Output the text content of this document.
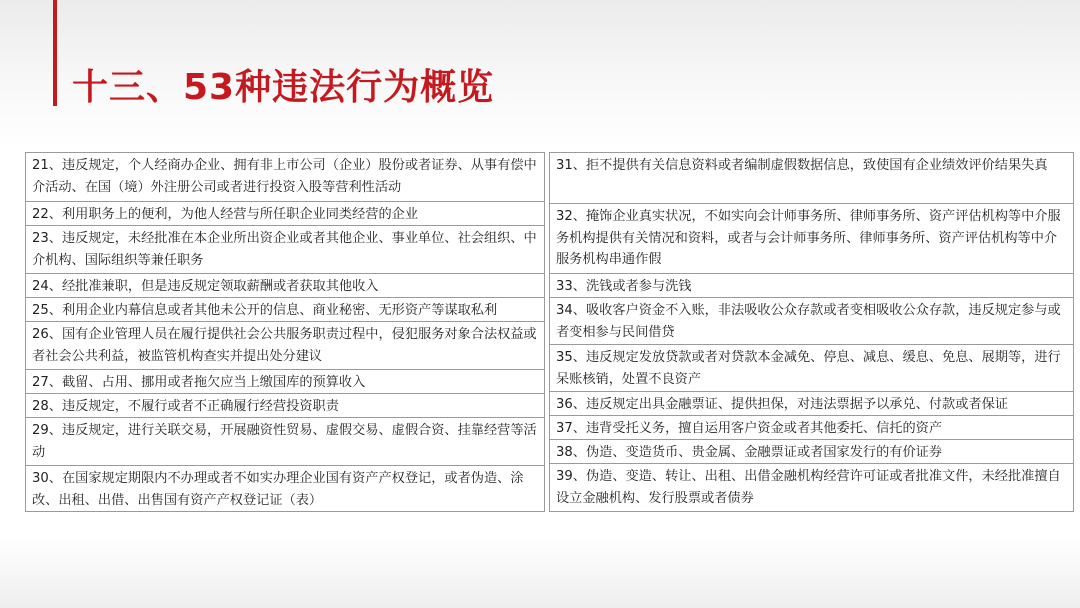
十三、53种违法行为概览
21、违反规定，个人经商办企业、拥有非上市公司（企业）股份或者证券、从事有偿中介活动、在国（境）外注册公司或者进行投资入股等营利性活动
22、利用职务上的便利，为他人经营与所任职企业同类经营的企业
23、违反规定，未经批准在本企业所出资企业或者其他企业、事业单位、社会组织、中介机构、国际组织等兼任职务
24、经批准兼职，但是违反规定领取薪酬或者获取其他收入
25、利用企业内幕信息或者其他未公开的信息、商业秘密、无形资产等谋取私利
26、国有企业管理人员在履行提供社会公共服务职责过程中，侵犯服务对象合法权益或者社会公共利益，被监管机构查实并提出处分建议
27、截留、占用、挪用或者拖欠应当上缴国库的预算收入
28、违反规定，不履行或者不正确履行经营投资职责
29、违反规定，进行关联交易，开展融资性贸易、虚假交易、虚假合资、挂靠经营等活动
30、在国家规定期限内不办理或者不如实办理企业国有资产产权登记，或者伪造、涂改、出租、出借、出售国有资产产权登记证（表）
31、拒不提供有关信息资料或者编制虚假数据信息，致使国有企业绩效评价结果失真
32、掩饰企业真实状况，不如实向会计师事务所、律师事务所、资产评估机构等中介服务机构提供有关情况和资料，或者与会计师事务所、律师事务所、资产评估机构等中介服务机构串通作假
33、洗钱或者参与洗钱
34、吸收客户资金不入账，非法吸收公众存款或者变相吸收公众存款，违反规定参与或者变相参与民间借贷
35、违反规定发放贷款或者对贷款本金减免、停息、减息、缓息、免息、展期等，进行呆账核销，处置不良资产
36、违反规定出具金融票证、提供担保，对违法票据予以承兑、付款或者保证
37、违背受托义务，擅自运用客户资金或者其他委托、信托的资产
38、伪造、变造货币、贵金属、金融票证或者国家发行的有价证券
39、伪造、变造、转让、出租、出借金融机构经营许可证或者批准文件，未经批准擅自设立金融机构、发行股票或者债券
